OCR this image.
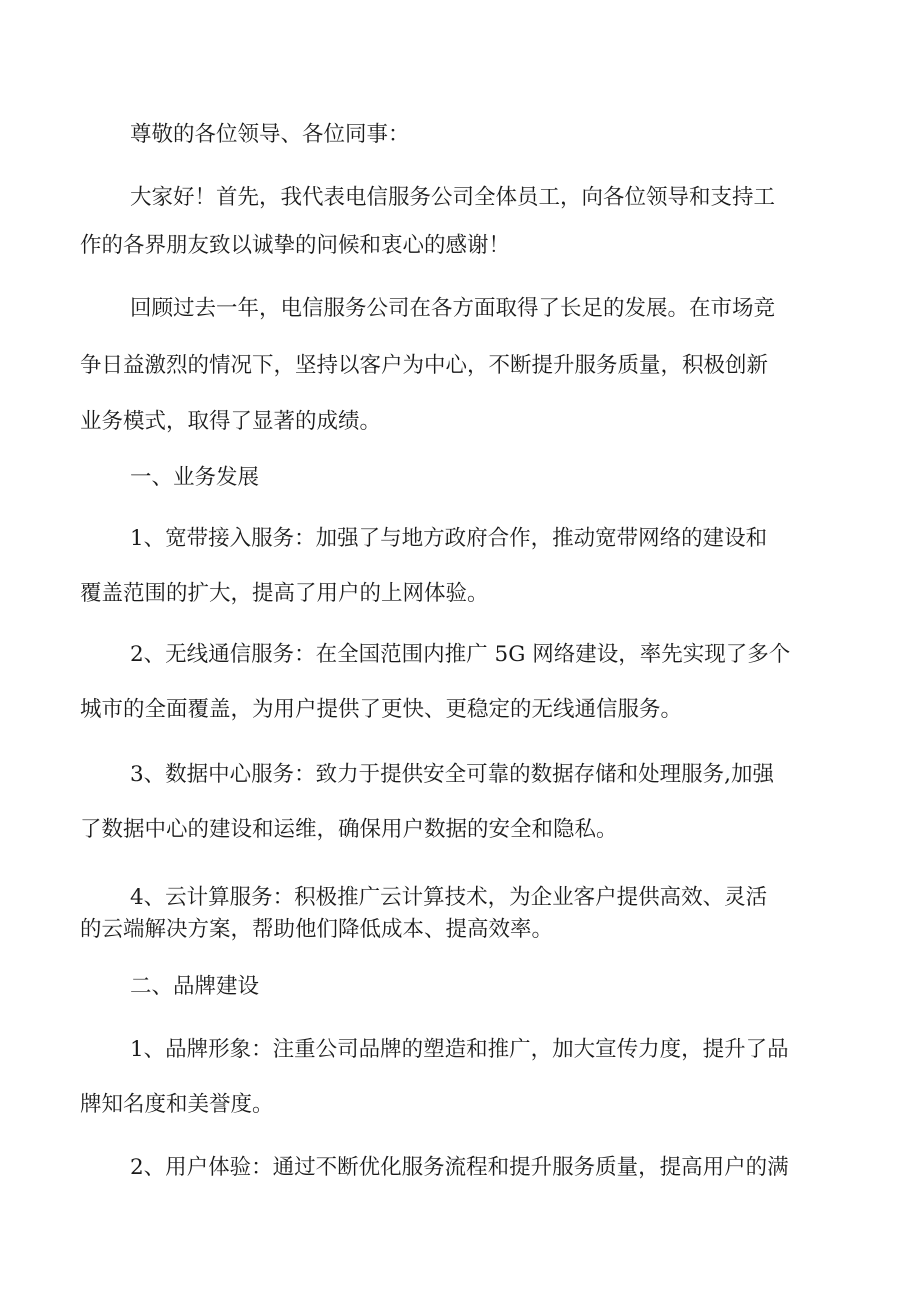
尊敬的各位领导、各位同事：

大家好！首先，我代表电信服务公司全体员工，向各位领导和支持工
作的各界朋友致以诚挚的问候和衷心的感谢！

回顾过去一年，电信服务公司在各方面取得了长足的发展。在市场竞
争日益激烈的情况下，坚持以客户为中心，不断提升服务质量，积极创新
业务模式，取得了显著的成绩。

一、业务发展

1、宽带接入服务：加强了与地方政府合作，推动宽带网络的建设和
覆盖范围的扩大，提高了用户的上网体验。

2、无线通信服务：在全国范围内推广 5G 网络建设，率先实现了多个
城市的全面覆盖，为用户提供了更快、更稳定的无线通信服务。

3、数据中心服务：致力于提供安全可靠的数据存储和处理服务,加强
了数据中心的建设和运维，确保用户数据的安全和隐私。

4、云计算服务：积极推广云计算技术，为企业客户提供高效、灵活
的云端解决方案，帮助他们降低成本、提高效率。

二、品牌建设

1、品牌形象：注重公司品牌的塑造和推广，加大宣传力度，提升了品
牌知名度和美誉度。

2、用户体验：通过不断优化服务流程和提升服务质量，提高用户的满
